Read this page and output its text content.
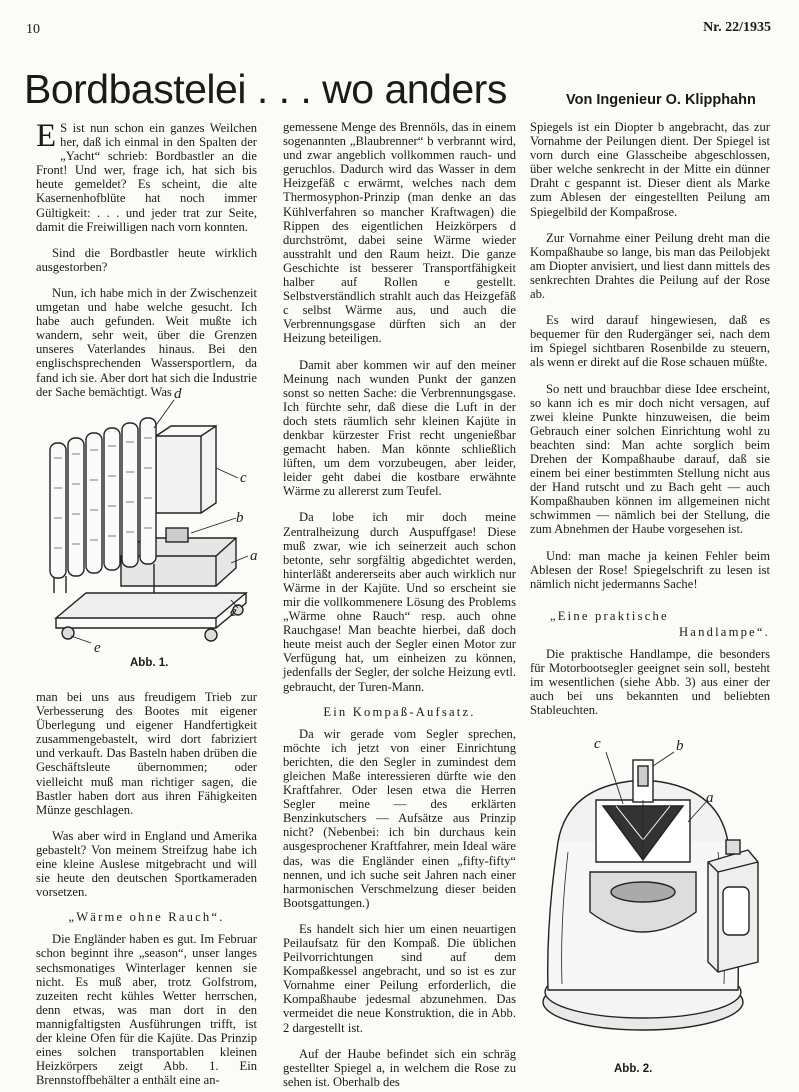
10	Nr. 22/1935
Bordbastelei . . . wo anders	Von Ingenieur O. Klipphahn

E S ist nun schon ein ganzes Weilchen her, daß ich einmal in den Spalten der „Yacht“ schrieb: Bordbastler an die Front! Und wer, frage ich, hat sich bis heute gemeldet? Es scheint, die alte Kasernenhofblüte hat noch immer Gültigkeit: . . . und jeder trat zur Seite, damit die Freiwilligen nach vorn konnten.

Sind die Bordbastler heute wirklich ausgestorben?

Nun, ich habe mich in der Zwischenzeit umgetan und habe welche gesucht. Ich habe auch gefunden. Weit mußte ich wandern, sehr weit, über die Grenzen unseres Vaterlandes hinaus. Bei den englischsprechenden Wassersportlern, da fand ich sie. Aber dort hat sich die Industrie der Sache bemächtigt. Was d
c
b
a
e
e
Abb. 1.

man bei uns aus freudigem Trieb zur Verbesserung des Bootes mit eigener Überlegung und eigener Handfertigkeit zusammengebastelt, wird dort fabriziert und verkauft. Das Basteln haben drüben die Geschäftsleute übernommen; oder vielleicht muß man richtiger sagen, die Bastler haben dort aus ihren Fähigkeiten Münze geschlagen.

Was aber wird in England und Amerika gebastelt? Von meinem Streifzug habe ich eine kleine Auslese mitgebracht und will sie heute den deutschen Sportkameraden vorsetzen.

„Wärme ohne Rauch“.

Die Engländer haben es gut. Im Februar schon beginnt ihre „season“, unser langes sechsmonatiges Winterlager kennen sie nicht. Es muß aber, trotz Golfstrom, zuzeiten recht kühles Wetter herrschen, denn etwas, was man dort in den mannigfaltigsten Ausführungen trifft, ist der kleine Ofen für die Kajüte. Das Prinzip eines solchen transportablen kleinen Heizkörpers zeigt Abb. 1. Ein Brennstoffbehälter a enthält eine an-

gemessene Menge des Brennöls, das in einem sogenannten „Blaubrenner“ b verbrannt wird, und zwar angeblich vollkommen rauch- und geruchlos. Dadurch wird das Wasser in dem Heizgefäß c erwärmt, welches nach dem Thermosyphon-Prinzip (man denke an das Kühlverfahren so mancher Kraftwagen) die Rippen des eigentlichen Heizkörpers d durchströmt, dabei seine Wärme wieder ausstrahlt und den Raum heizt. Die ganze Geschichte ist besserer Transportfähigkeit halber auf Rollen e gestellt. Selbstverständlich strahlt auch das Heizgefäß c selbst Wärme aus, und auch die Verbrennungsgase dürften sich an der Heizung beteiligen.

Damit aber kommen wir auf den meiner Meinung nach wunden Punkt der ganzen sonst so netten Sache: die Verbrennungsgase. Ich fürchte sehr, daß diese die Luft in der doch stets räumlich sehr kleinen Kajüte in denkbar kürzester Frist recht ungenießbar gemacht haben. Man könnte schließlich lüften, um dem vorzubeugen, aber leider, leider geht dabei die kostbare erwähnte Wärme zu allererst zum Teufel.

Da lobe ich mir doch meine Zentralheizung durch Auspuffgase! Diese muß zwar, wie ich seinerzeit auch schon betonte, sehr sorgfältig abgedichtet werden, hinterläßt andererseits aber auch wirklich nur Wärme in der Kajüte. Und so erscheint sie mir die vollkommenere Lösung des Problems „Wärme ohne Rauch“ resp. auch ohne Rauchgase! Man beachte hierbei, daß doch heute meist auch der Segler einen Motor zur Verfügung hat, um einheizen zu können, jedenfalls der Segler, der solche Heizung evtl. gebraucht, der Turen-Mann.

Ein Kompaß-Aufsatz.

Da wir gerade vom Segler sprechen, möchte ich jetzt von einer Einrichtung berichten, die den Segler in zumindest dem gleichen Maße interessieren dürfte wie den Kraftfahrer. Oder lesen etwa die Herren Segler meine — des erklärten Benzinkutschers — Aufsätze aus Prinzip nicht? (Nebenbei: ich bin durchaus kein ausgesprochener Kraftfahrer, mein Ideal wäre das, was die Engländer einen „fifty-fifty“ nennen, und ich suche seit Jahren nach einer harmonischen Verschmelzung dieser beiden Bootsgattungen.)

Es handelt sich hier um einen neuartigen Peilaufsatz für den Kompaß. Die üblichen Peilvorrichtungen sind auf dem Kompaßkessel angebracht, und so ist es zur Vornahme einer Peilung erforderlich, die Kompaßhaube jedesmal abzunehmen. Das vermeidet die neue Konstruktion, die in Abb. 2 dargestellt ist.

Auf der Haube befindet sich ein schräg gestellter Spiegel a, in welchem die Rose zu sehen ist. Oberhalb des

Spiegels ist ein Diopter b angebracht, das zur Vornahme der Peilungen dient. Der Spiegel ist vorn durch eine Glasscheibe abgeschlossen, über welche senkrecht in der Mitte ein dünner Draht c gespannt ist. Dieser dient als Marke zum Ablesen der eingestellten Peilung am Spiegelbild der Kompaßrose.

Zur Vornahme einer Peilung dreht man die Kompaßhaube so lange, bis man das Peilobjekt am Diopter anvisiert, und liest dann mittels des senkrechten Drahtes die Peilung auf der Rose ab.

Es wird darauf hingewiesen, daß es bequemer für den Rudergänger sei, nach dem im Spiegel sichtbaren Rosenbilde zu steuern, als wenn er direkt auf die Rose schauen müßte.

So nett und brauchbar diese Idee erscheint, so kann ich es mir doch nicht versagen, auf zwei kleine Punkte hinzuweisen, die beim Gebrauch einer solchen Einrichtung wohl zu beachten sind: Man achte sorglich beim Drehen der Kompaßhaube darauf, daß sie einem bei einer bestimmten Stellung nicht aus der Hand rutscht und zu Bach geht — auch Kompaßhauben können im allgemeinen nicht schwimmen — nämlich bei der Stellung, die zum Abnehmen der Haube vorgesehen ist.

Und: man mache ja keinen Fehler beim Ablesen der Rose! Spiegelschrift zu lesen ist nämlich nicht jedermanns Sache!

„Eine praktische
Handlampe“.

Die praktische Handlampe, die besonders für Motorbootsegler geeignet sein soll, besteht im wesentlichen (siehe Abb. 3) aus einer der auch bei uns bekannten und beliebten Stableuchten.

c	b
a
Abb. 2.
